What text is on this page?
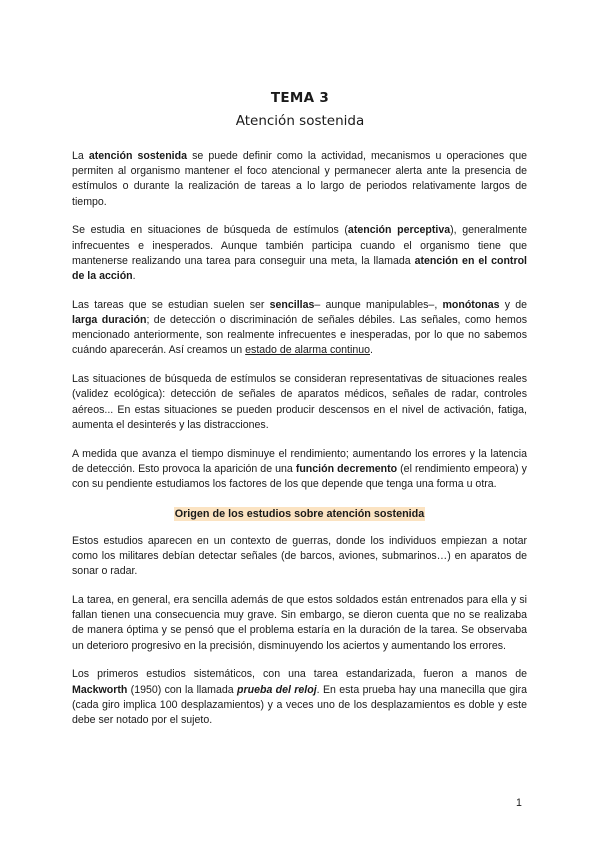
TEMA 3
Atención sostenida

La atención sostenida se puede definir como la actividad, mecanismos u operaciones que permiten al organismo mantener el foco atencional y permanecer alerta ante la presencia de estímulos o durante la realización de tareas a lo largo de periodos relativamente largos de tiempo.

Se estudia en situaciones de búsqueda de estímulos (atención perceptiva), generalmente infrecuentes e inesperados. Aunque también participa cuando el organismo tiene que mantenerse realizando una tarea para conseguir una meta, la llamada atención en el control de la acción.

Las tareas que se estudian suelen ser sencillas– aunque manipulables–, monótonas y de larga duración; de detección o discriminación de señales débiles. Las señales, como hemos mencionado anteriormente, son realmente infrecuentes e inesperadas, por lo que no sabemos cuándo aparecerán. Así creamos un estado de alarma continuo.

Las situaciones de búsqueda de estímulos se consideran representativas de situaciones reales (validez ecológica): detección de señales de aparatos médicos, señales de radar, controles aéreos... En estas situaciones se pueden producir descensos en el nivel de activación, fatiga, aumenta el desinterés y las distracciones.

A medida que avanza el tiempo disminuye el rendimiento; aumentando los errores y la latencia de detección. Esto provoca la aparición de una función decremento (el rendimiento empeora) y con su pendiente estudiamos los factores de los que depende que tenga una forma u otra.

Origen de los estudios sobre atención sostenida

Estos estudios aparecen en un contexto de guerras, donde los individuos empiezan a notar como los militares debían detectar señales (de barcos, aviones, submarinos…) en aparatos de sonar o radar.

La tarea, en general, era sencilla además de que estos soldados están entrenados para ella y si fallan tienen una consecuencia muy grave. Sin embargo, se dieron cuenta que no se realizaba de manera óptima y se pensó que el problema estaría en la duración de la tarea. Se observaba un deterioro progresivo en la precisión, disminuyendo los aciertos y aumentando los errores.

Los primeros estudios sistemáticos, con una tarea estandarizada, fueron a manos de Mackworth (1950) con la llamada prueba del reloj. En esta prueba hay una manecilla que gira (cada giro implica 100 desplazamientos) y a veces uno de los desplazamientos es doble y este debe ser notado por el sujeto.

1
